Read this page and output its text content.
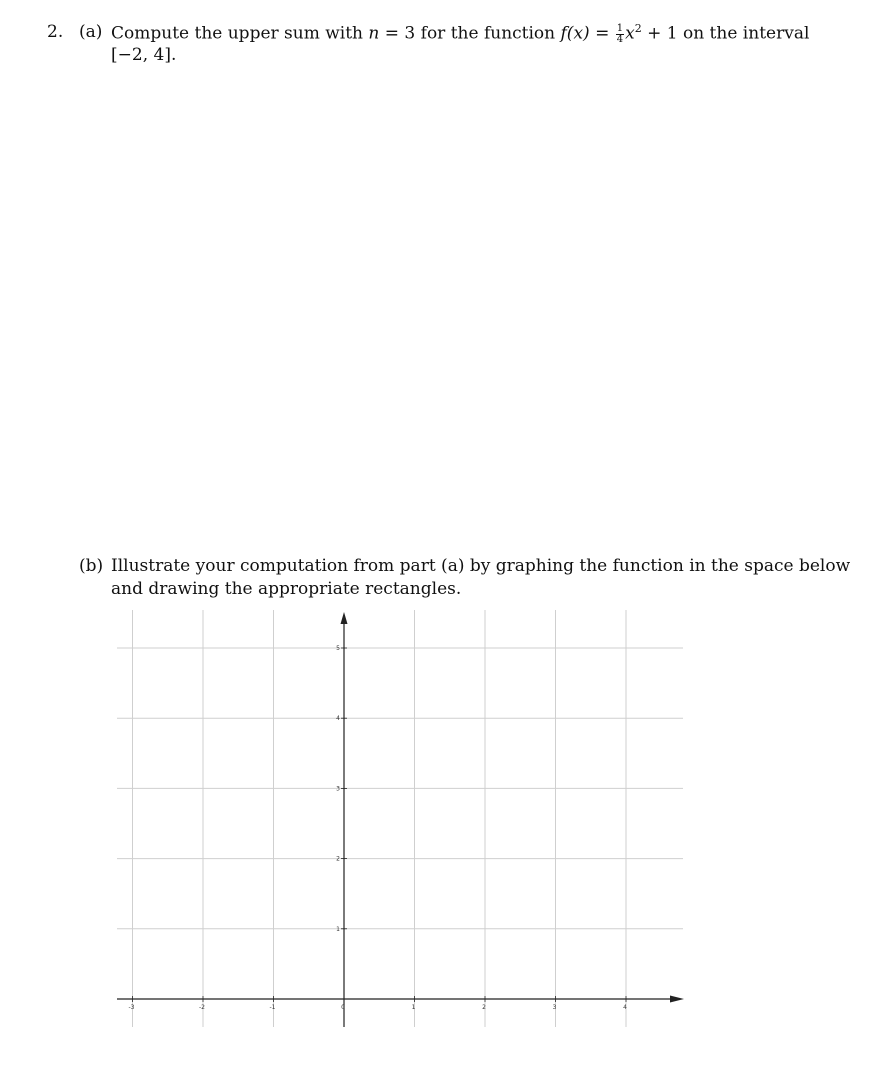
2. (a) Compute the upper sum with n = 3 for the function $f(x) = \frac{1}{4} x^2 + 1$ on the interval
[−2, 4].
(b) Illustrate your computation from part (a) by graphing the function in the space below
and drawing the appropriate rectangles.
-3	-2	-1	0	1	2	3	4
1
2
3
4
5
